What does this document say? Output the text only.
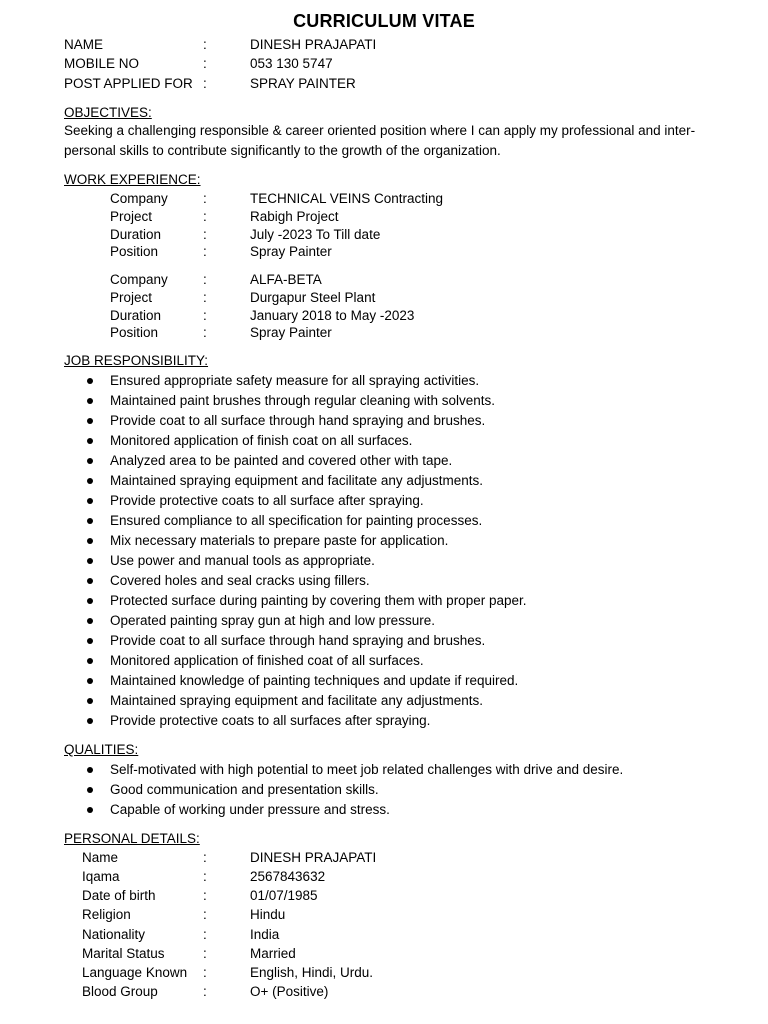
CURRICULUM VITAE
NAME	:	DINESH PRAJAPATI
MOBILE NO	:	053 130 5747
POST APPLIED FOR :	SPRAY PAINTER
OBJECTIVES:
Seeking a challenging responsible & career oriented position where I can apply my professional and inter-personal skills to contribute significantly to the growth of the organization.
WORK EXPERIENCE:
Company	:	TECHNICAL VEINS Contracting
Project	:	Rabigh Project
Duration	:	July -2023 To Till date
Position	:	Spray Painter
Company	:	ALFA-BETA
Project	:	Durgapur Steel Plant
Duration	:	January 2018 to May -2023
Position	:	Spray Painter
JOB RESPONSIBILITY:
Ensured appropriate safety measure for all spraying activities.
Maintained paint brushes through regular cleaning with solvents.
Provide coat to all surface through hand spraying and brushes.
Monitored application of finish coat on all surfaces.
Analyzed area to be painted and covered other with tape.
Maintained spraying equipment and facilitate any adjustments.
Provide protective coats to all surface after spraying.
Ensured compliance to all specification for painting processes.
Mix necessary materials to prepare paste for application.
Use power and manual tools as appropriate.
Covered holes and seal cracks using fillers.
Protected surface during painting by covering them with proper paper.
Operated painting spray gun at high and low pressure.
Provide coat to all surface through hand spraying and brushes.
Monitored application of finished coat of all surfaces.
Maintained knowledge of painting techniques and update if required.
Maintained spraying equipment and facilitate any adjustments.
Provide protective coats to all surfaces after spraying.
QUALITIES:
Self-motivated with high potential to meet job related challenges with drive and desire.
Good communication and presentation skills.
Capable of working under pressure and stress.
PERSONAL DETAILS:
Name	:	DINESH PRAJAPATI
Iqama	:	2567843632
Date of birth	:	01/07/1985
Religion	:	Hindu
Nationality	:	India
Marital Status	:	Married
Language Known :	English, Hindi, Urdu.
Blood Group	:	O+ (Positive)
